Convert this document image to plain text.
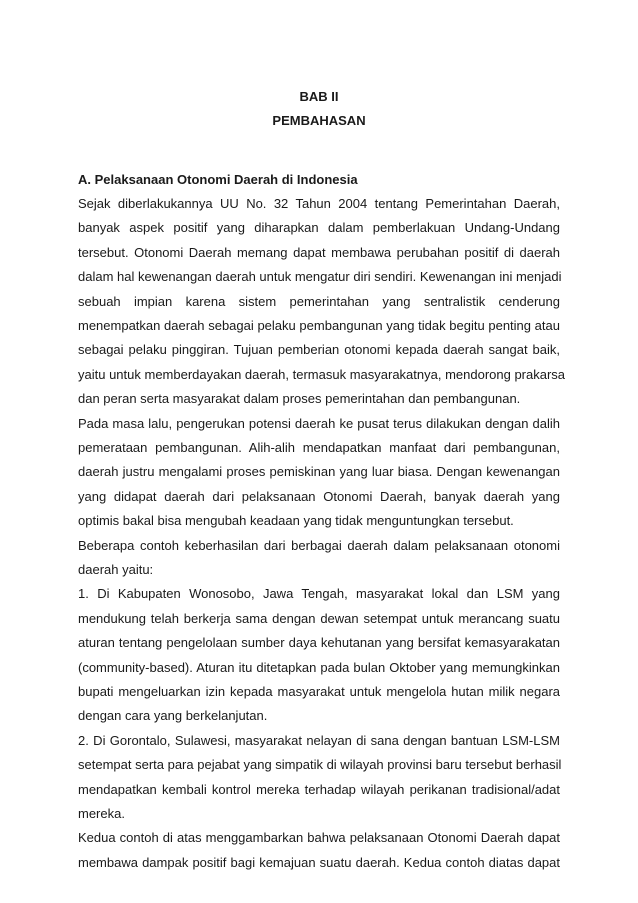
BAB II
PEMBAHASAN
A. Pelaksanaan Otonomi Daerah di Indonesia
Sejak diberlakukannya UU No. 32 Tahun 2004 tentang Pemerintahan Daerah,
banyak aspek positif yang diharapkan dalam pemberlakuan Undang-Undang
tersebut. Otonomi Daerah memang dapat membawa perubahan positif di daerah
dalam hal kewenangan daerah untuk mengatur diri sendiri. Kewenangan ini menjadi
sebuah impian karena sistem pemerintahan yang sentralistik cenderung
menempatkan daerah sebagai pelaku pembangunan yang tidak begitu penting atau
sebagai pelaku pinggiran. Tujuan pemberian otonomi kepada daerah sangat baik,
yaitu untuk memberdayakan daerah, termasuk masyarakatnya, mendorong prakarsa
dan peran serta masyarakat dalam proses pemerintahan dan pembangunan.
Pada masa lalu, pengerukan potensi daerah ke pusat terus dilakukan dengan dalih
pemerataan pembangunan. Alih-alih mendapatkan manfaat dari pembangunan,
daerah justru mengalami proses pemiskinan yang luar biasa. Dengan kewenangan
yang didapat daerah dari pelaksanaan Otonomi Daerah, banyak daerah yang
optimis bakal bisa mengubah keadaan yang tidak menguntungkan tersebut.
Beberapa contoh keberhasilan dari berbagai daerah dalam pelaksanaan otonomi
daerah yaitu:
1. Di Kabupaten Wonosobo, Jawa Tengah, masyarakat lokal dan LSM yang
mendukung telah berkerja sama dengan dewan setempat untuk merancang suatu
aturan tentang pengelolaan sumber daya kehutanan yang bersifat kemasyarakatan
(community-based). Aturan itu ditetapkan pada bulan Oktober yang memungkinkan
bupati mengeluarkan izin kepada masyarakat untuk mengelola hutan milik negara
dengan cara yang berkelanjutan.
2. Di Gorontalo, Sulawesi, masyarakat nelayan di sana dengan bantuan LSM-LSM
setempat serta para pejabat yang simpatik di wilayah provinsi baru tersebut berhasil
mendapatkan kembali kontrol mereka terhadap wilayah perikanan tradisional/adat
mereka.
Kedua contoh di atas menggambarkan bahwa pelaksanaan Otonomi Daerah dapat
membawa dampak positif bagi kemajuan suatu daerah. Kedua contoh diatas dapat
